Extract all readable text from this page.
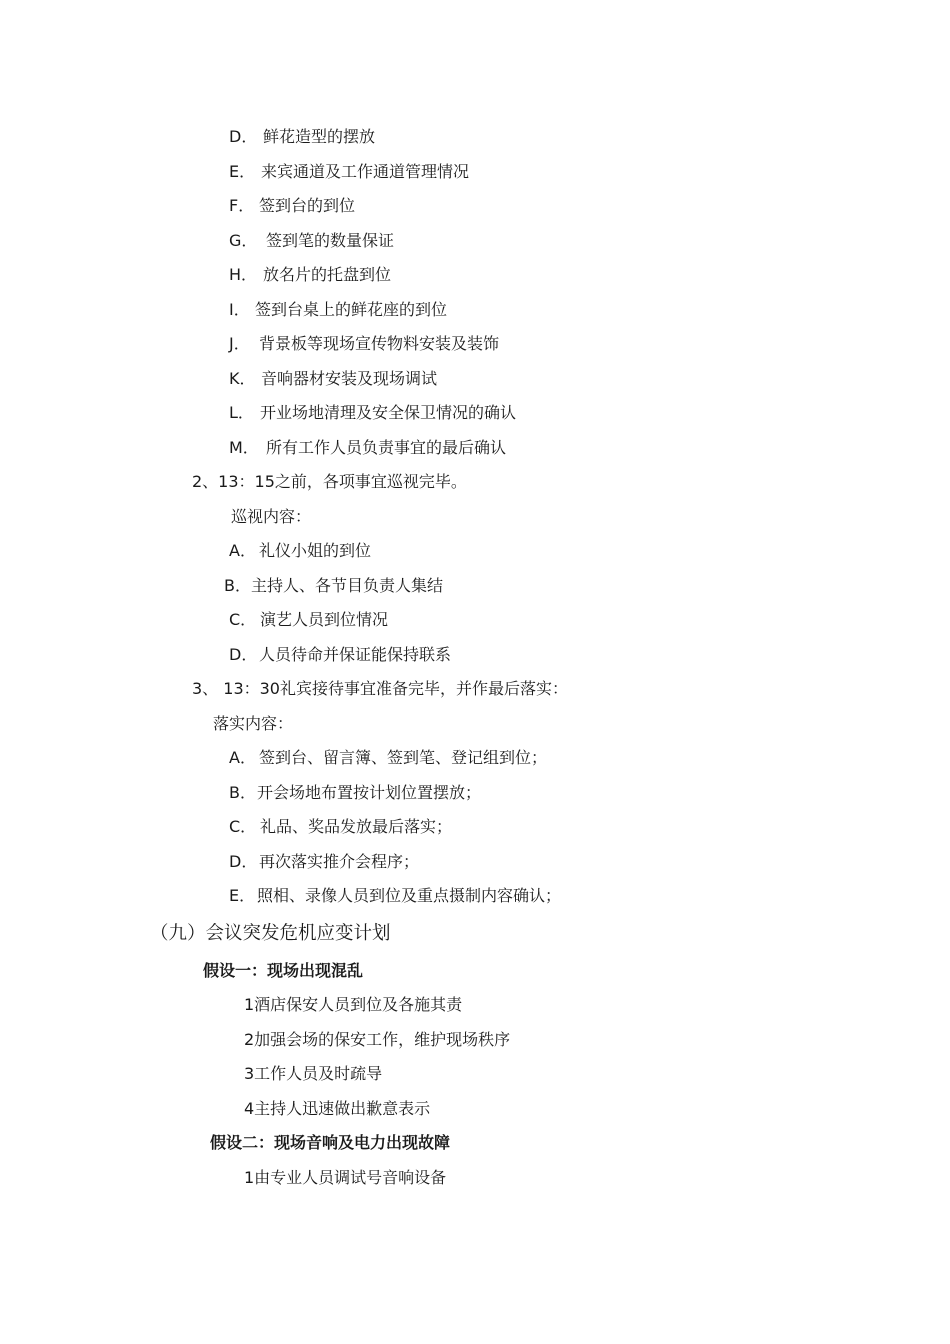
D． 鲜花造型的摆放
E． 来宾通道及工作通道管理情况
F． 签到台的到位
G． 签到笔的数量保证
H． 放名片的托盘到位
I． 签到台桌上的鲜花座的到位
J． 背景板等现场宣传物料安装及装饰
K． 音响器材安装及现场调试
L． 开业场地清理及安全保卫情况的确认
M． 所有工作人员负责事宜的最后确认
2、13：15之前，各项事宜巡视完毕。
巡视内容：
A． 礼仪小姐的到位
B．主持人、各节目负责人集结
C． 演艺人员到位情况
D． 人员待命并保证能保持联系
3、 13：30礼宾接待事宜准备完毕，并作最后落实：
落实内容：
A． 签到台、留言簿、签到笔、登记组到位；
B．开会场地布置按计划位置摆放；
C． 礼品、奖品发放最后落实；
D． 再次落实推介会程序；
E． 照相、录像人员到位及重点摄制内容确认；
（九）会议突发危机应变计划
假设一：现场出现混乱
1酒店保安人员到位及各施其责
2加强会场的保安工作，维护现场秩序
3工作人员及时疏导
4主持人迅速做出歉意表示
假设二：现场音响及电力出现故障
1由专业人员调试号音响设备
